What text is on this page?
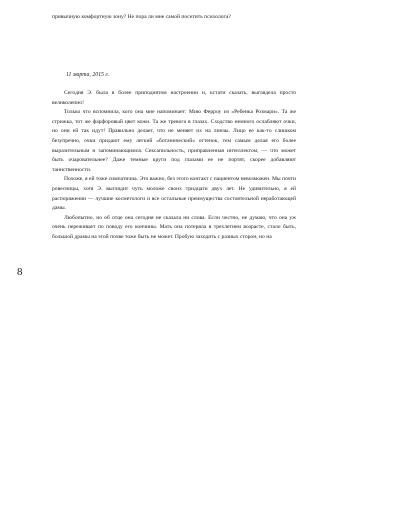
привычную комфортную зону? Не пора ли мне самой посетить психолога?
11 марта, 2015 г.

Сегодня Э. была в более приподнятом настроении и, кстати сказать, выглядела просто великолепно!

Только что вспомнила, кого она мне напоминает: Мию Ферроу из «Ребенка Розмари». Та же стрижка, тот же фарфоровый цвет кожи. Та же тревога в глазах. Сходство немного ослабляют очки, но они ей так идут! Правильно делает, что не меняет их на линзы. Лицо ее как-то слишком безупречно, очки придают ему легкий «ботанический» оттенок, тем самым делая его более выразительным и запоминающимся. Сексапильность, приправленная интеллектом, — что может быть очаровательнее? Даже темные круги под глазами ее не портят, скорее добавляют таинственности.

Похоже, я ей тоже симпатична. Это важно, без этого контакт с пациентом невозможен. Мы почти ровесницы, хотя Э. выглядит чуть моложе своих тридцати двух лет. Не удивительно, я ей распоряжении — лучшие косметологи и все остальные преимущества состоятельной неработающей дамы.

Любопытно, но об отце она сегодня не сказала ни слова. Если честно, не думаю, что она уж очень переживает по поводу его кончины. Мать она потеряла в трехлетнем возрасте, стало быть, большой драмы на этой почве тоже быть не может. Пробую заходить с разных сторон, но на

8
